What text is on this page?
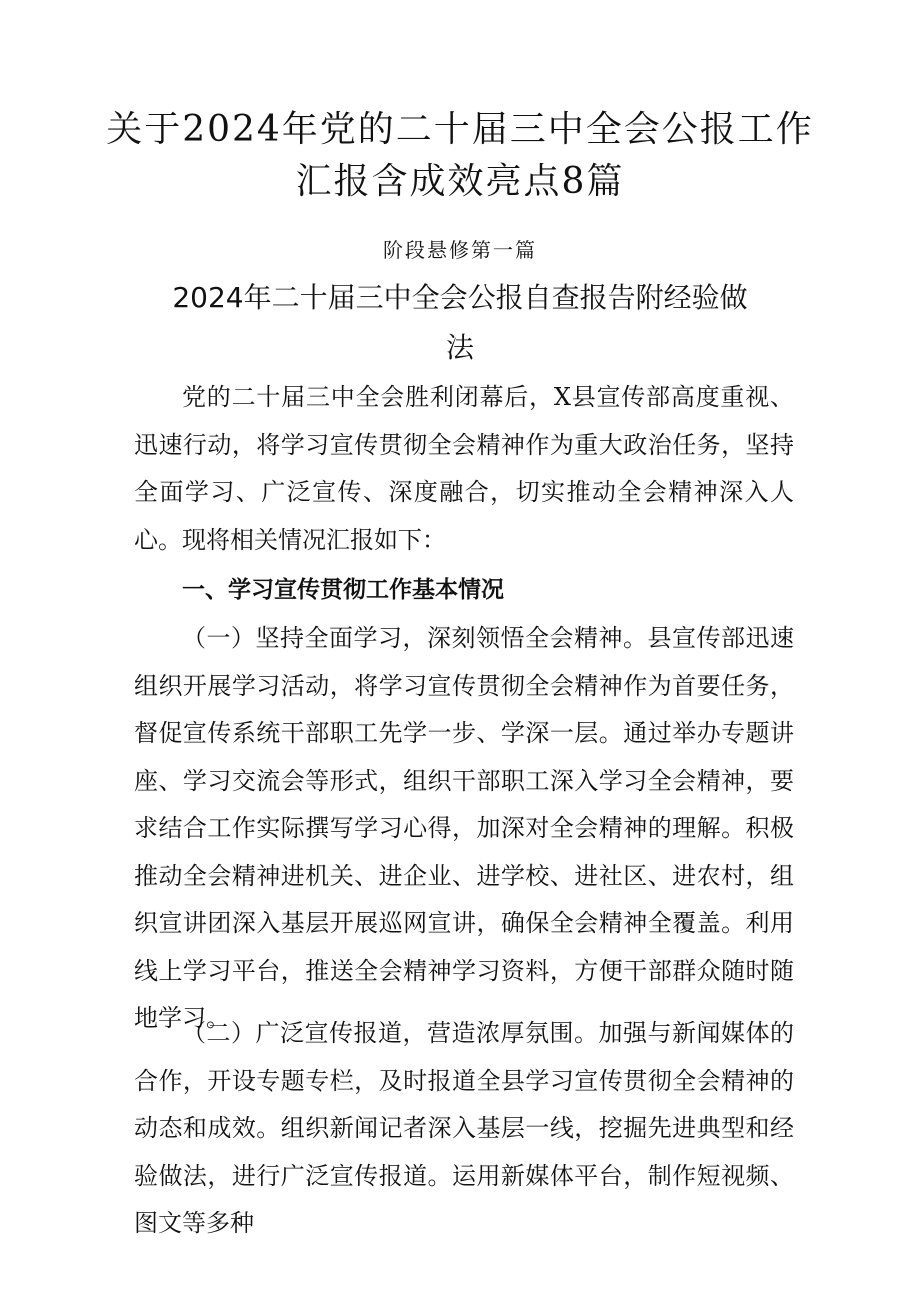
关于2024年党的二十届三中全会公报工作
汇报含成效亮点8篇

阶段悬修第一篇

2024年二十届三中全会公报自查报告附经验做
法

党的二十届三中全会胜利闭幕后，X县宣传部高度重视、迅速行动，将学习宣传贯彻全会精神作为重大政治任务，坚持全面学习、广泛宣传、深度融合，切实推动全会精神深入人心。现将相关情况汇报如下：

一、学习宣传贯彻工作基本情况

（一）坚持全面学习，深刻领悟全会精神。县宣传部迅速组织开展学习活动，将学习宣传贯彻全会精神作为首要任务，督促宣传系统干部职工先学一步、学深一层。通过举办专题讲座、学习交流会等形式，组织干部职工深入学习全会精神，要求结合工作实际撰写学习心得，加深对全会精神的理解。积极推动全会精神进机关、进企业、进学校、进社区、进农村，组织宣讲团深入基层开展巡网宣讲，确保全会精神全覆盖。利用线上学习平台，推送全会精神学习资料，方便干部群众随时随地学习。

（二）广泛宣传报道，营造浓厚氛围。加强与新闻媒体的合作，开设专题专栏，及时报道全县学习宣传贯彻全会精神的动态和成效。组织新闻记者深入基层一线，挖掘先进典型和经验做法，进行广泛宣传报道。运用新媒体平台，制作短视频、图文等多种
